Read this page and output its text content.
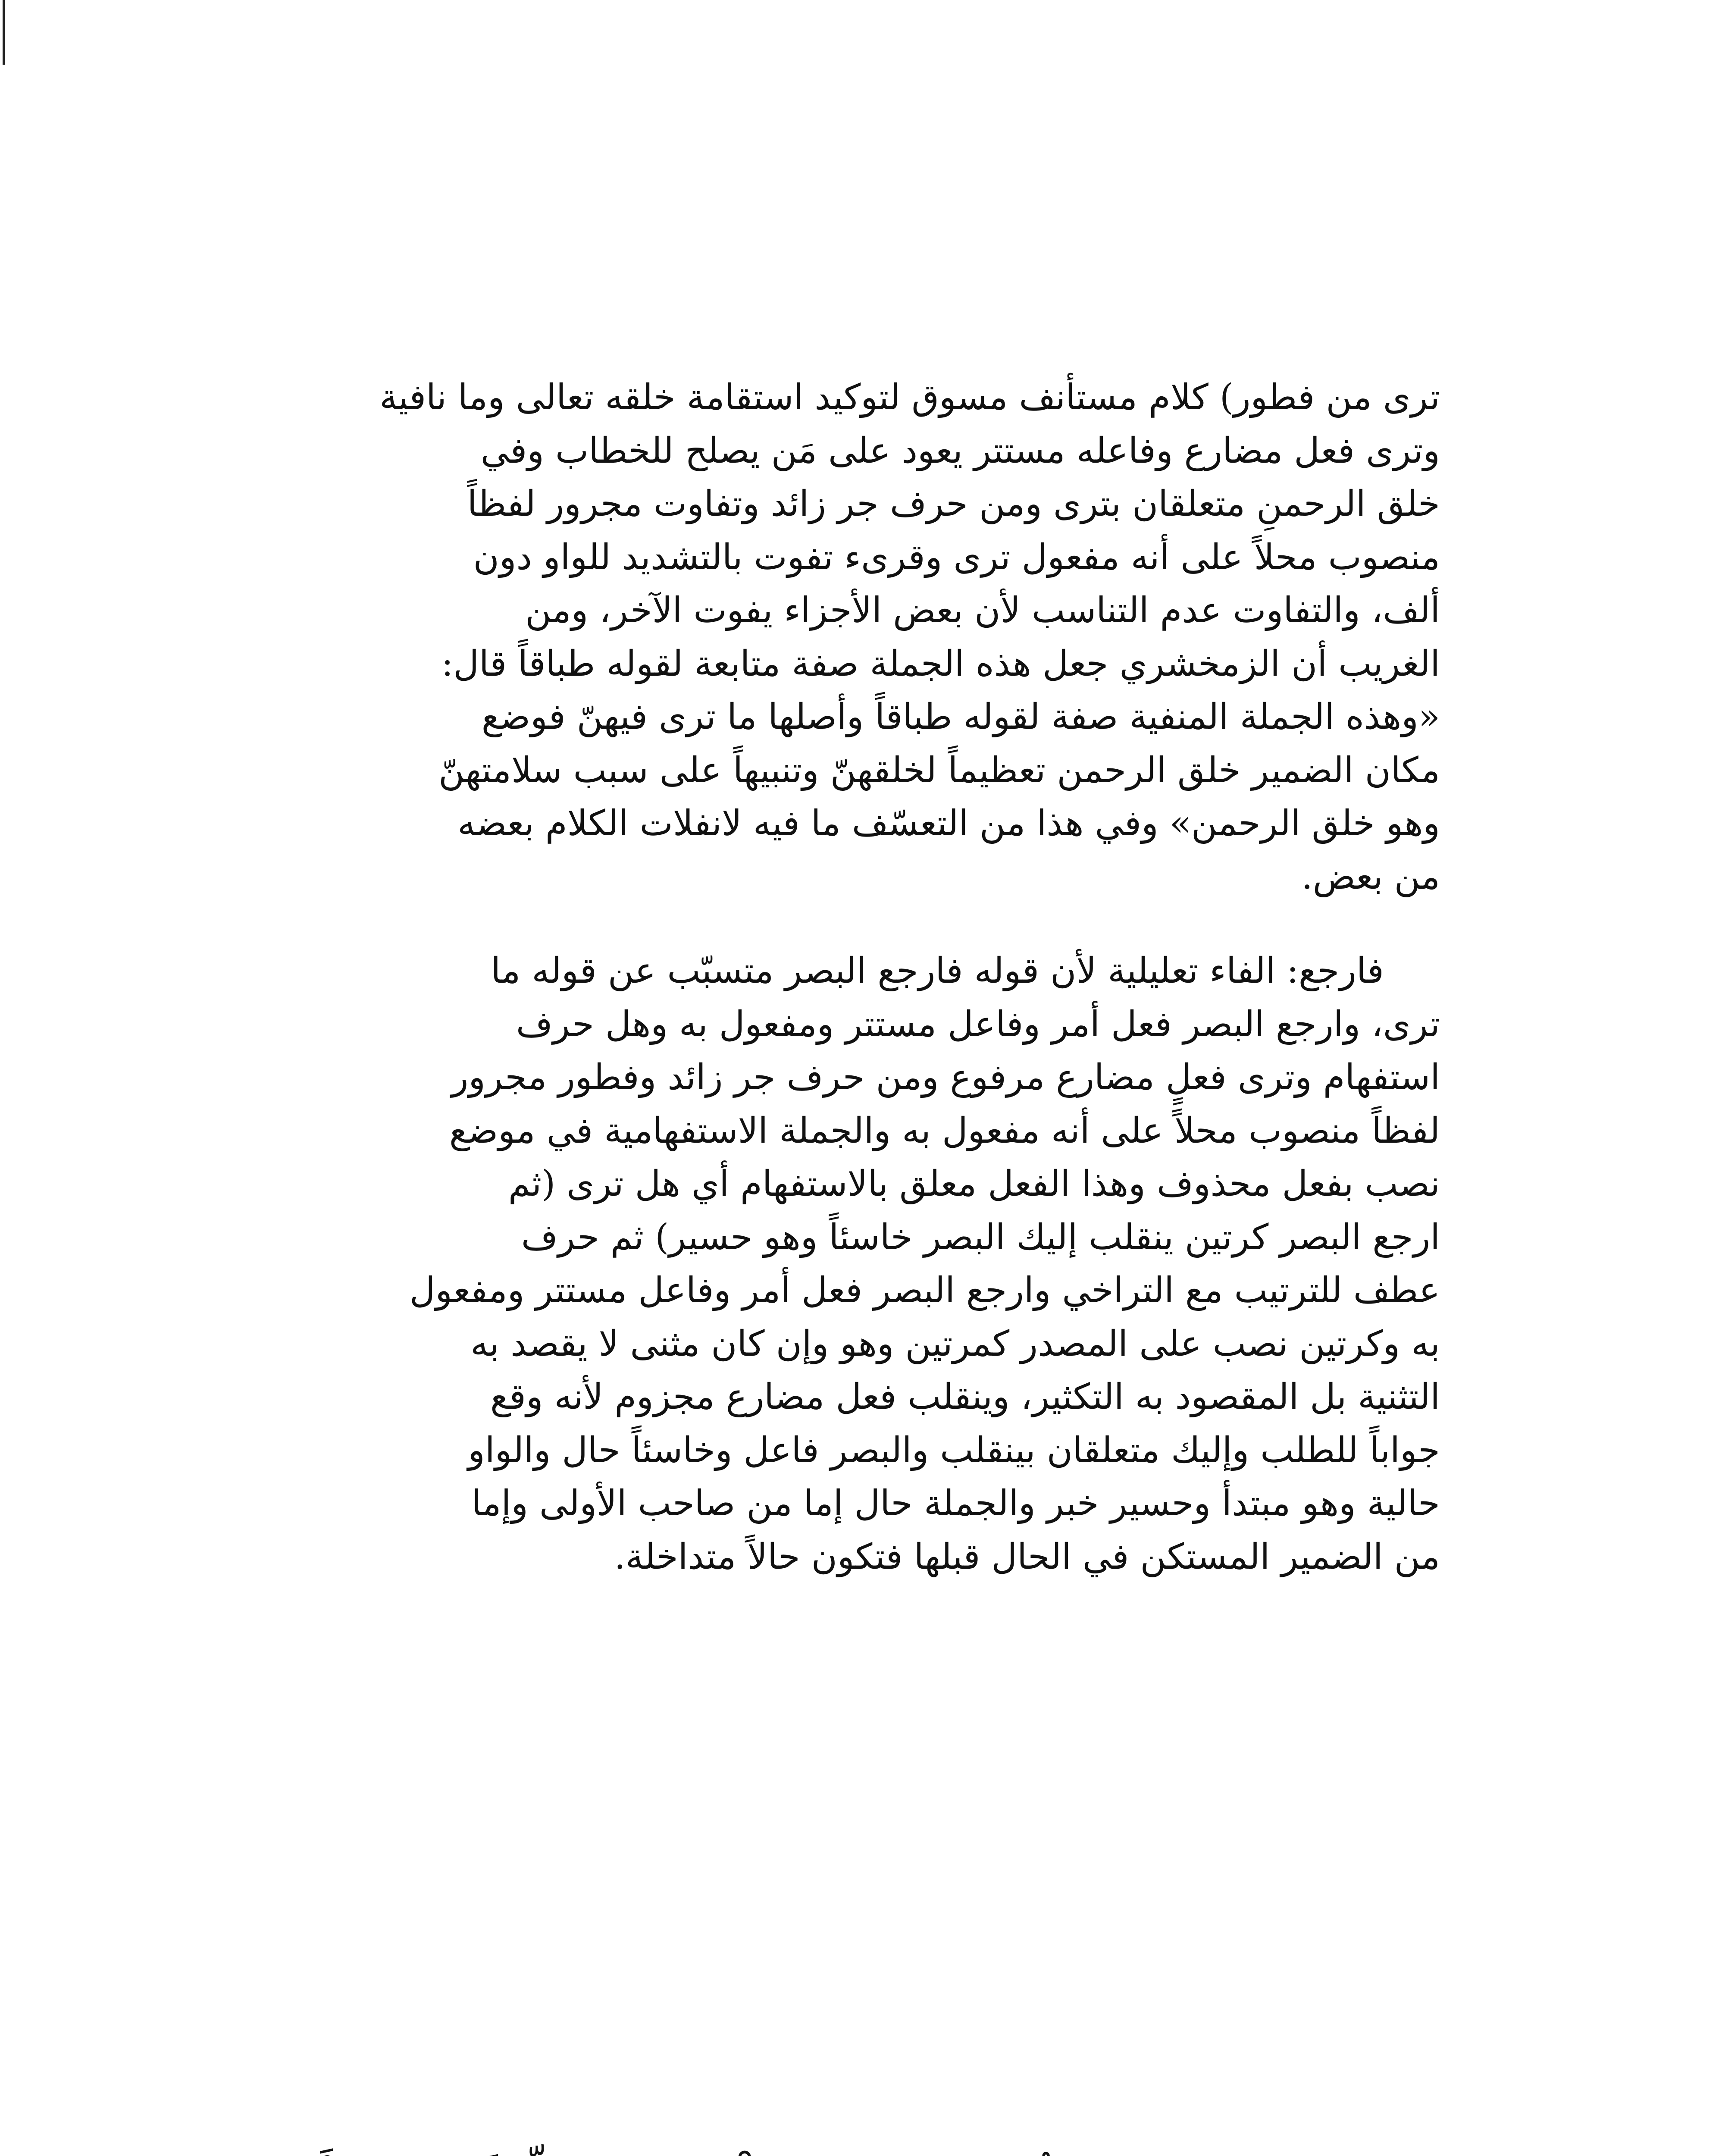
ترى من فطور) كلام مستأنف مسوق لتوكيد استقامة خلقه تعالى وما نافية
وترى فعل مضارع وفاعله مستتر يعود على مَن يصلح للخطاب وفي
خلق الرحمنِ متعلقان بترى ومن حرف جر زائد وتفاوت مجرور لفظاً
منصوب محلاً على أنه مفعول ترى وقرىء تفوت بالتشديد للواو دون
ألف، والتفاوت عدم التناسب لأن بعض الأجزاء يفوت الآخر، ومن
الغريب أن الزمخشري جعل هذه الجملة صفة متابعة لقوله طباقاً قال:
«وهذه الجملة المنفية صفة لقوله طباقاً وأصلها ما ترى فيهنّ فوضع
مكان الضمير خلق الرحمن تعظيماً لخلقهنّ وتنبيهاً على سبب سلامتهنّ
وهو خلق الرحمن» وفي هذا من التعسّف ما فيه لانفلات الكلام بعضه
من بعض.
فارجع: الفاء تعليلية لأن قوله فارجع البصر متسبّب عن قوله ما
ترى، وارجع البصر فعل أمر وفاعل مستتر ومفعول به وهل حرف
استفهام وترى فعلٍ مضارع مرفوع ومن حرف جر زائد وفطور مجرور
لفظاً منصوب محلاً على أنه مفعول به والجملة الاستفهامية في موضع
نصب بفعل محذوف وهذا الفعل معلق بالاستفهام أي هل ترى (ثم
ارجع البصر كرتين ينقلب إليك البصر خاسئاً وهو حسير) ثم حرف
عطف للترتيب مع التراخي وارجع البصر فعل أمر وفاعل مستتر ومفعول
به وكرتين نصب على المصدر كمرتين وهو وإن كان مثنى لا يقصد به
التثنية بل المقصود به التكثير، وينقلب فعل مضارع مجزوم لأنه وقع
جواباً للطلب وإليك متعلقان بينقلب والبصر فاعل وخاسئاً حال والواو
حالية وهو مبتدأ وحسير خبر والجملة حال إما من صاحب الأولى وإما
من الضمير المستكن في الحال قبلها فتكون حالاً متداخلة.
